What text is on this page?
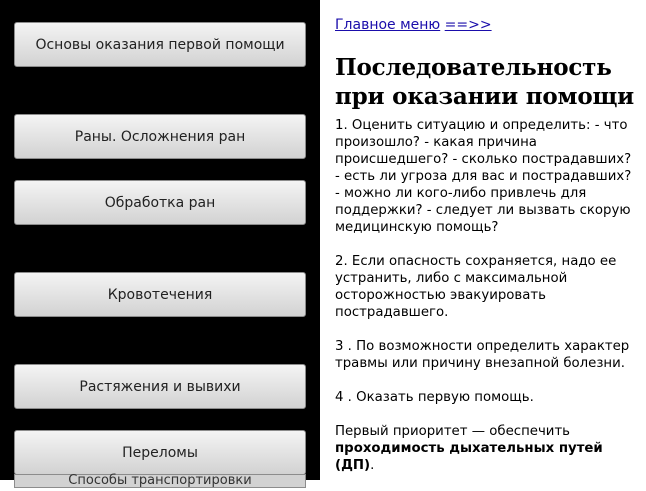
Основы оказания первой помощи
Раны. Осложнения ран
Обработка ран
Кровотечения
Растяжения и вывихи
Переломы
Способы транспортировки
Главное меню ==>>
Последовательность при оказании помощи

1. Оценить ситуацию и определить: - что произошло? - какая причина происшедшего? - сколько пострадавших? - есть ли угроза для вас и пострадавших? - можно ли кого-либо привлечь для поддержки? - следует ли вызвать скорую медицинскую помощь?

2. Если опасность сохраняется, надо ее устранить, либо с максимальной осторожностью эвакуировать пострадавшего.

3 . По возможности определить характер травмы или причину внезапной болезни.

4 . Оказать первую помощь.

Первый приоритет — обеспечить проходимость дыхательных путей (ДП).
